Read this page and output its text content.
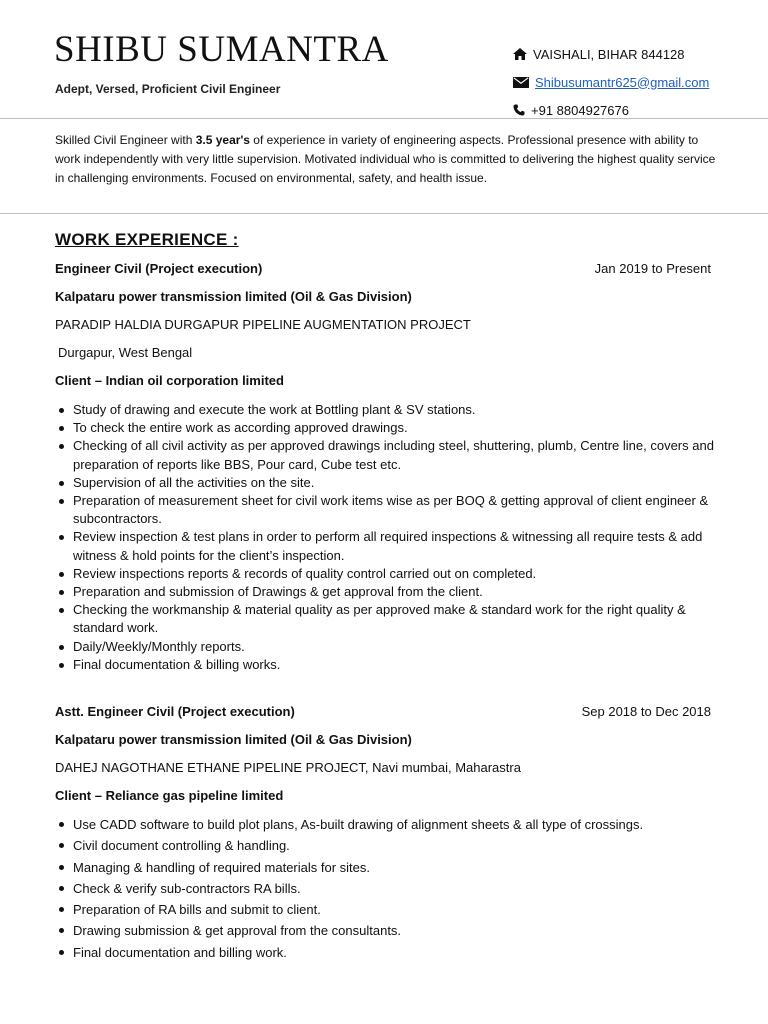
SHIBU SUMANTRA
Adept, Versed, Proficient Civil Engineer
VAISHALI, BIHAR 844128
Shibusumantr625@gmail.com
+91 8804927676
Skilled Civil Engineer with 3.5 year's of experience in variety of engineering aspects. Professional presence with ability to work independently with very little supervision. Motivated individual who is committed to delivering the highest quality service in challenging environments. Focused on environmental, safety, and health issue.
WORK EXPERIENCE :
Engineer Civil (Project execution)	Jan 2019 to Present
Kalpataru power transmission limited (Oil & Gas Division)
PARADIP HALDIA DURGAPUR PIPELINE AUGMENTATION PROJECT
Durgapur, West Bengal
Client – Indian oil corporation limited
Study of drawing and execute the work at Bottling plant & SV stations.
To check the entire work as according approved drawings.
Checking of all civil activity as per approved drawings including steel, shuttering, plumb, Centre line, covers and preparation of reports like BBS, Pour card, Cube test etc.
Supervision of all the activities on the site.
Preparation of measurement sheet for civil work items wise as per BOQ & getting approval of client engineer & subcontractors.
Review inspection & test plans in order to perform all required inspections & witnessing all require tests & add witness & hold points for the client’s inspection.
Review inspections reports & records of quality control carried out on completed.
Preparation and submission of Drawings & get approval from the client.
Checking the workmanship & material quality as per approved make & standard work for the right quality & standard work.
Daily/Weekly/Monthly reports.
Final documentation & billing works.
Astt. Engineer Civil (Project execution)	Sep 2018 to Dec 2018
Kalpataru power transmission limited (Oil & Gas Division)
DAHEJ NAGOTHANE ETHANE PIPELINE PROJECT, Navi mumbai, Maharastra
Client – Reliance gas pipeline limited
Use CADD software to build plot plans, As-built drawing of alignment sheets & all type of crossings.
Civil document controlling & handling.
Managing & handling of required materials for sites.
Check & verify sub-contractors RA bills.
Preparation of RA bills and submit to client.
Drawing submission & get approval from the consultants.
Final documentation and billing work.
